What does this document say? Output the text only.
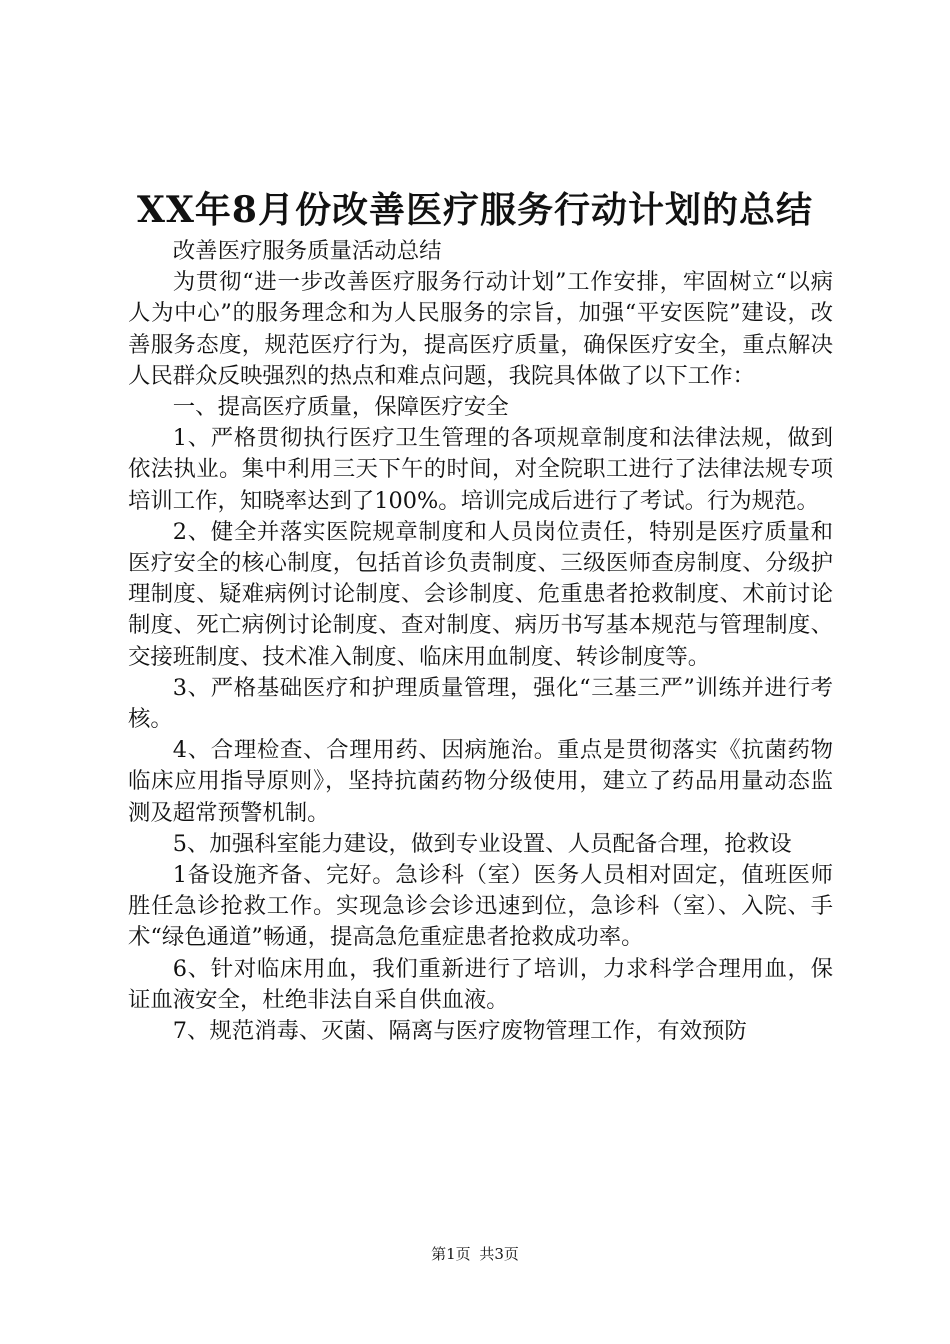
XX年8月份改善医疗服务行动计划的总结

改善医疗服务质量活动总结

为贯彻“进一步改善医疗服务行动计划”工作安排，牢固树立“以病人为中心”的服务理念和为人民服务的宗旨，加强“平安医院”建设，改善服务态度，规范医疗行为，提高医疗质量，确保医疗安全，重点解决人民群众反映强烈的热点和难点问题，我院具体做了以下工作：

一、提高医疗质量，保障医疗安全

1、严格贯彻执行医疗卫生管理的各项规章制度和法律法规，做到依法执业。集中利用三天下午的时间，对全院职工进行了法律法规专项培训工作，知晓率达到了100%。培训完成后进行了考试。行为规范。

2、健全并落实医院规章制度和人员岗位责任，特别是医疗质量和医疗安全的核心制度，包括首诊负责制度、三级医师查房制度、分级护理制度、疑难病例讨论制度、会诊制度、危重患者抢救制度、术前讨论制度、死亡病例讨论制度、查对制度、病历书写基本规范与管理制度、交接班制度、技术准入制度、临床用血制度、转诊制度等。

3、严格基础医疗和护理质量管理，强化“三基三严”训练并进行考核。

4、合理检查、合理用药、因病施治。重点是贯彻落实《抗菌药物临床应用指导原则》，坚持抗菌药物分级使用，建立了药品用量动态监测及超常预警机制。

5、加强科室能力建设，做到专业设置、人员配备合理，抢救设

1备设施齐备、完好。急诊科（室）医务人员相对固定，值班医师胜任急诊抢救工作。实现急诊会诊迅速到位，急诊科（室）、入院、手术“绿色通道”畅通，提高急危重症患者抢救成功率。

6、针对临床用血，我们重新进行了培训，力求科学合理用血，保证血液安全，杜绝非法自采自供血液。

7、规范消毒、灭菌、隔离与医疗废物管理工作，有效预防

第1页 共3页
